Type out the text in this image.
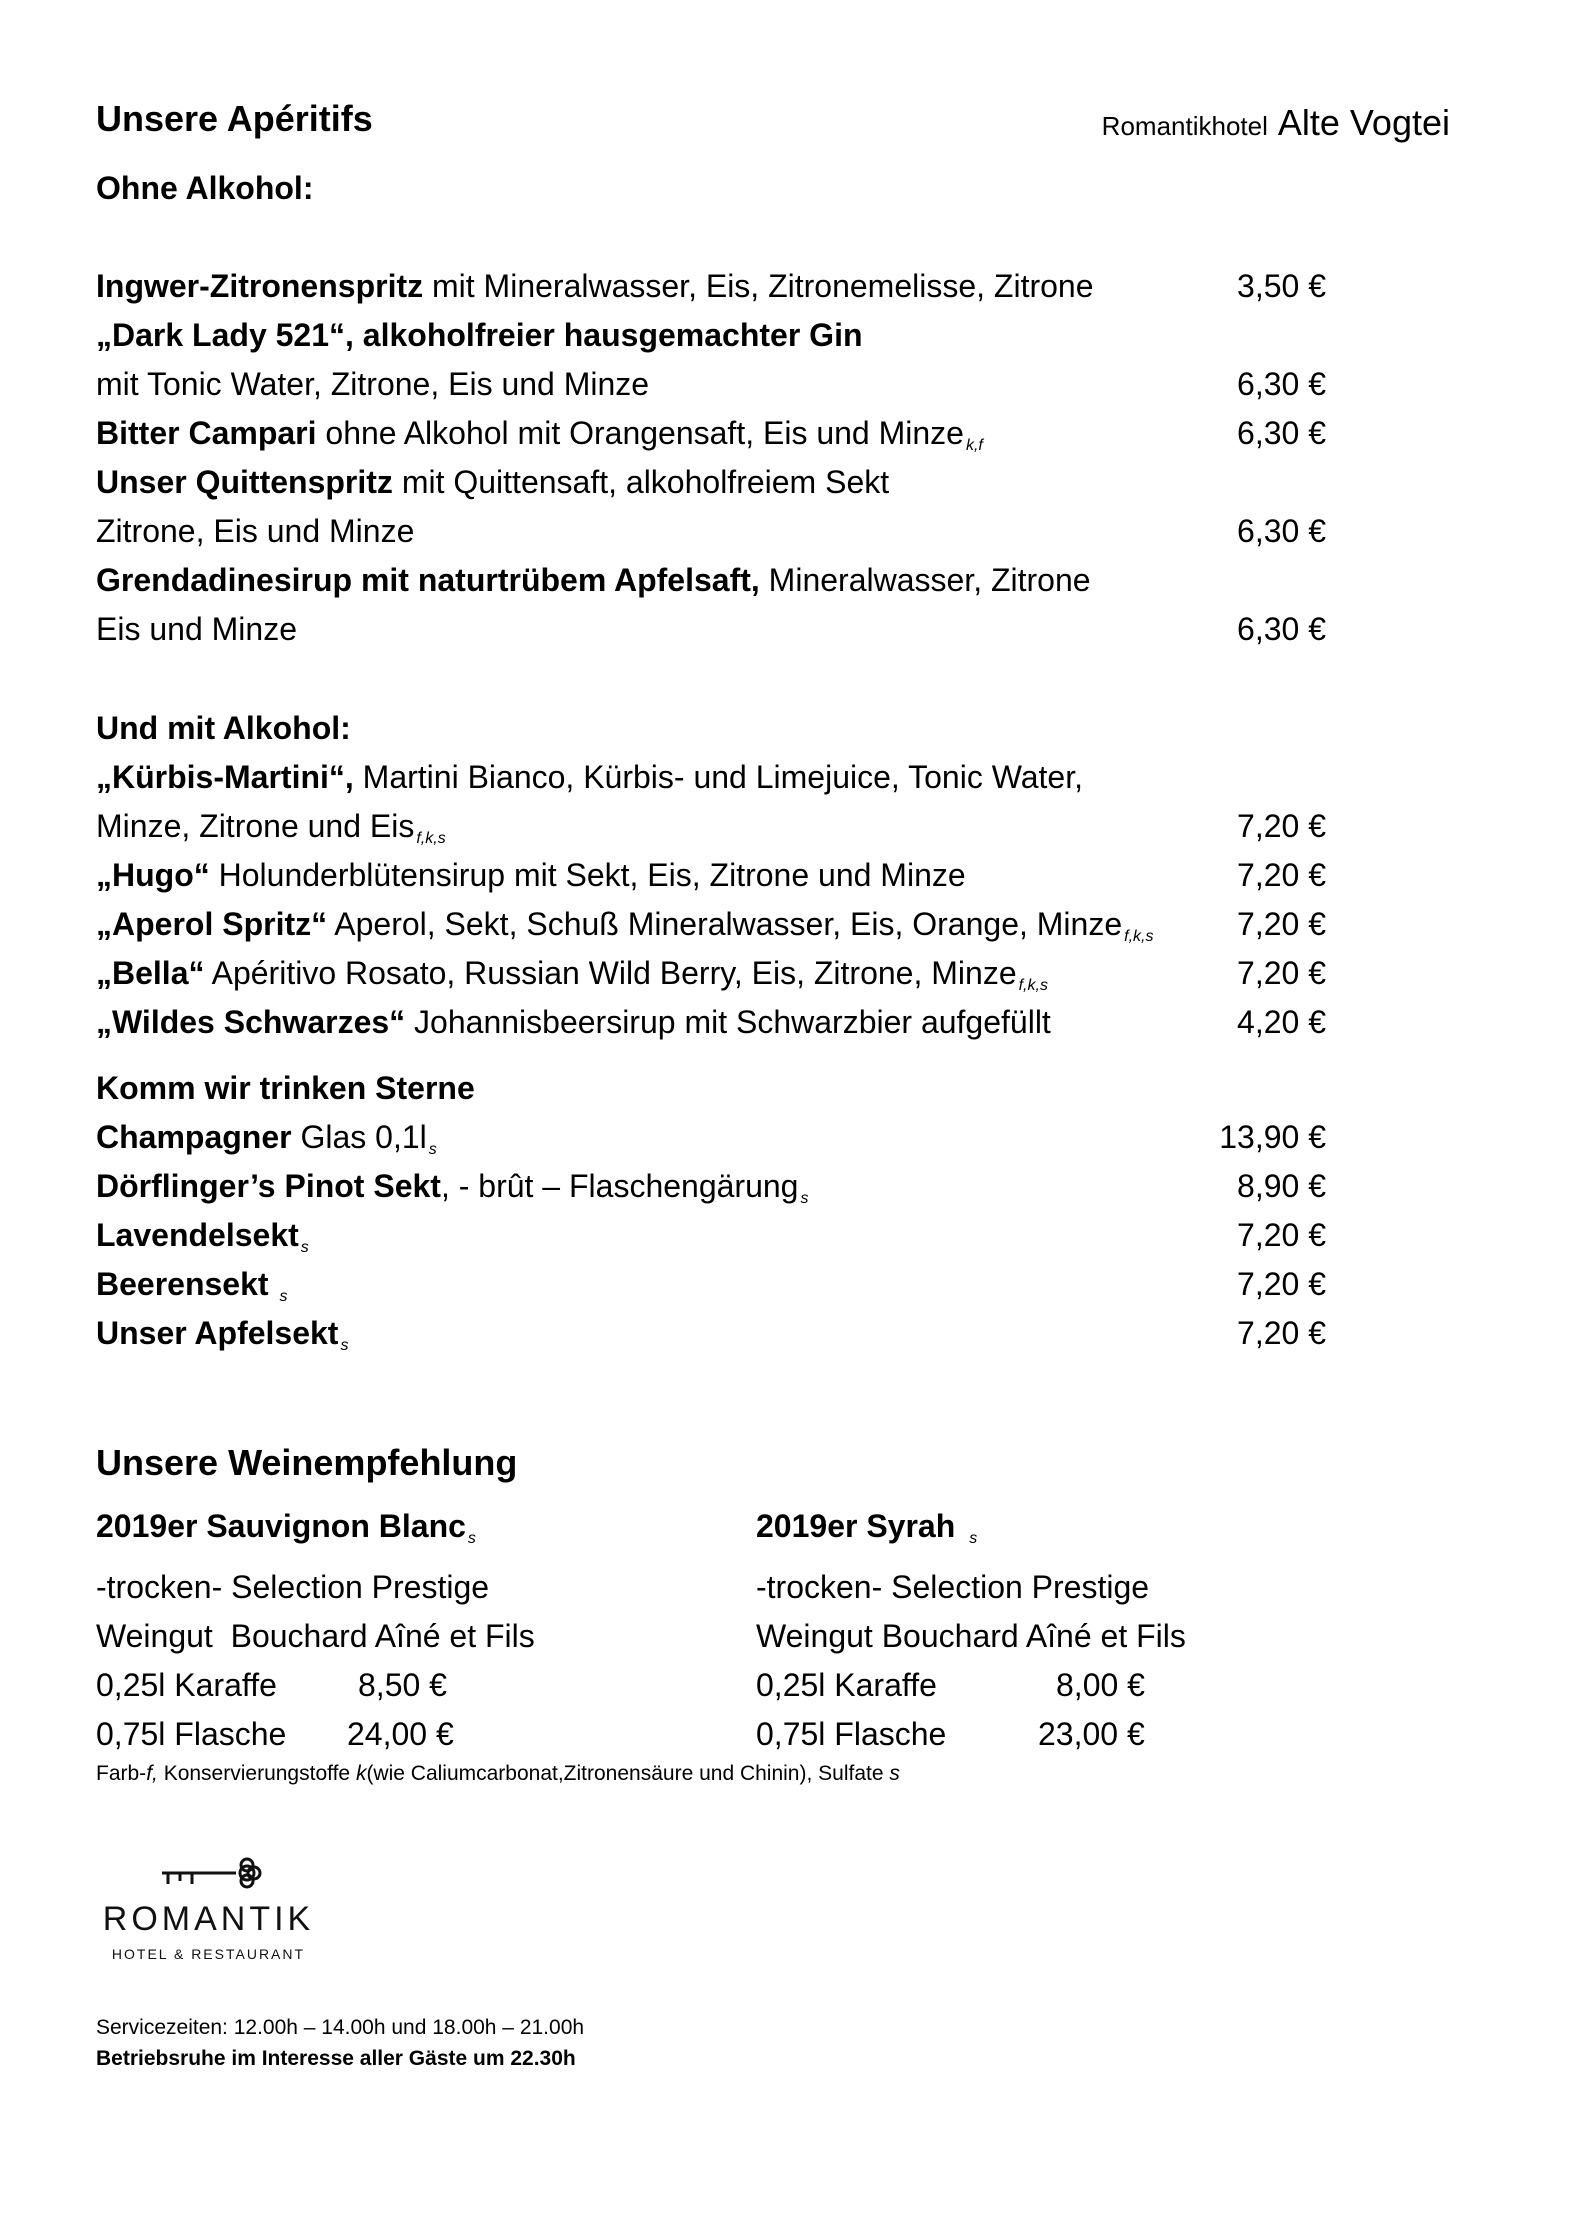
Unsere Apéritifs	Romantikhotel Alte Vogtei
Ohne Alkohol:
Ingwer-Zitronenspritz mit Mineralwasser, Eis, Zitronemelisse, Zitrone	3,50 €
„Dark Lady 521“, alkoholfreier hausgemachter Gin
mit Tonic Water, Zitrone, Eis und Minze	6,30 €
Bitter Campari ohne Alkohol mit Orangensaft, Eis und Minze $_{k,f}$	6,30 €
Unser Quittenspritz mit Quittensaft, alkoholfreiem Sekt
Zitrone, Eis und Minze	6,30 €
Grendadinesirup mit naturtrübem Apfelsaft, Mineralwasser, Zitrone
Eis und Minze	6,30 €
Und mit Alkohol:
„Kürbis-Martini“, Martini Bianco, Kürbis- und Limejuice, Tonic Water,
Minze, Zitrone und Eis $_{f,k,s}$	7,20 €
„Hugo“ Holunderblütensirup mit Sekt, Eis, Zitrone und Minze	7,20 €
„Aperol Spritz“ Aperol, Sekt, Schuß Mineralwasser, Eis, Orange, Minze $_{f,k,s}$	7,20 €
„Bella“ Apéritivo Rosato, Russian Wild Berry, Eis, Zitrone, Minze $_{f,k,s}$	7,20 €
„Wildes Schwarzes“ Johannisbeersirup mit Schwarzbier aufgefüllt	4,20 €
Komm wir trinken Sterne
Champagner Glas 0,1l $_s$	13,90 €
Dörflinger’s Pinot Sekt, - brût – Flaschengärung $_s$	8,90 €
Lavendelsekt $_s$	7,20 €
Beerensekt $_s$	7,20 €
Unser Apfelsekt $_s$	7,20 €
Unsere Weinempfehlung
2019er Sauvignon Blanc $_s$
-trocken- Selection Prestige
Weingut  Bouchard Aîné et Fils
0,25l Karaffe	8,50 €
0,75l Flasche 24,00 €
2019er Syrah $_s$
-trocken- Selection Prestige
Weingut Bouchard Aîné et Fils
0,25l Karaffe	8,00 €
0,75l Flasche	23,00 €
Farb-f, Konservierungstoffe k(wie Caliumcarbonat,Zitronensäure und Chinin), Sulfate s
ROMANTIK
HOTEL & RESTAURANT
Servicezeiten: 12.00h – 14.00h und 18.00h – 21.00h
Betriebsruhe im Interesse aller Gäste um 22.30h
